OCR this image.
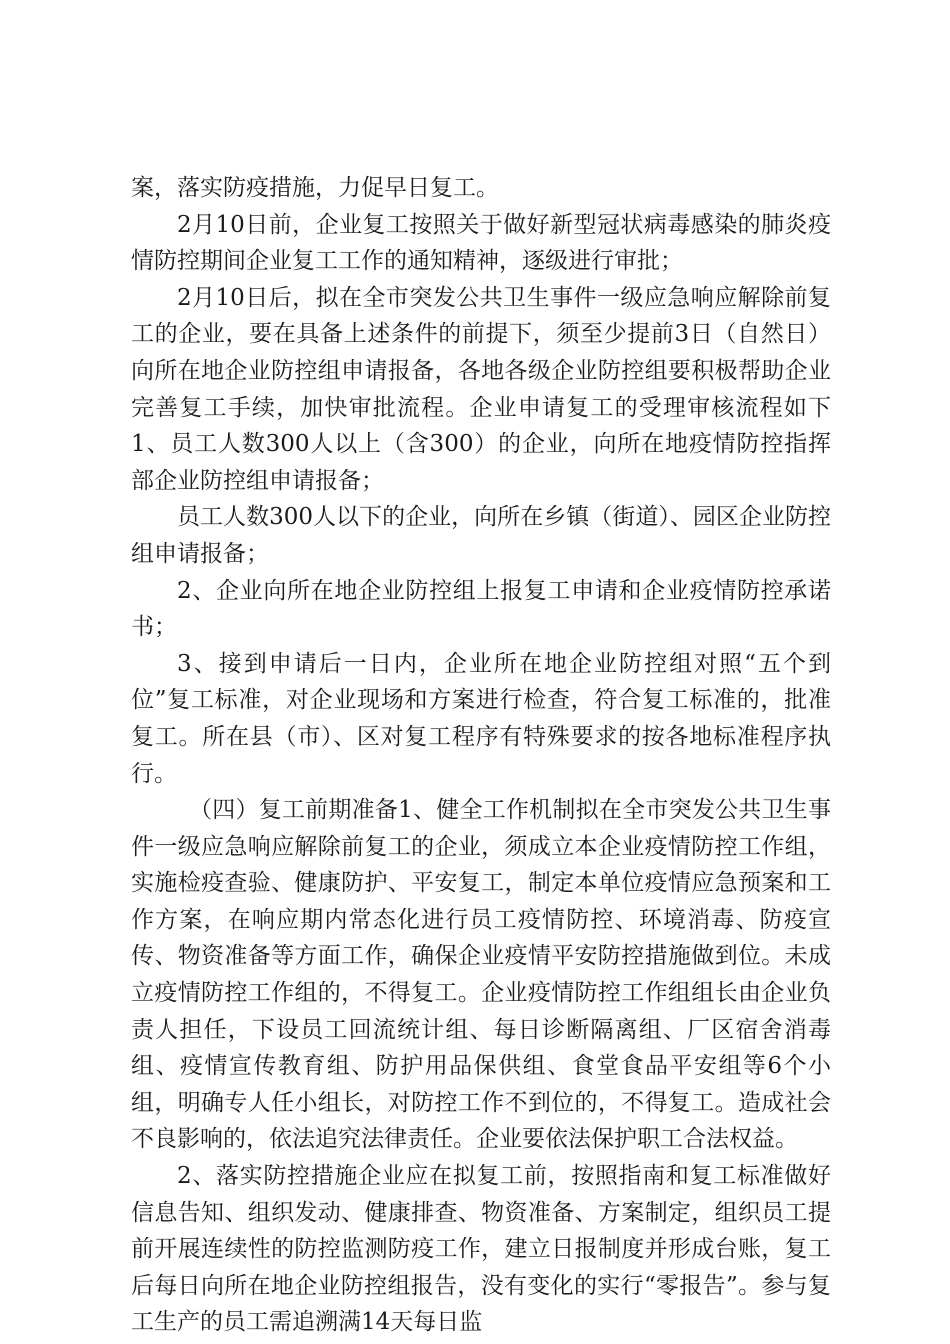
案，落实防疫措施，力促早日复工。

2月10日前，企业复工按照关于做好新型冠状病毒感染的肺炎疫情防控期间企业复工工作的通知精神，逐级进行审批；

2月10日后，拟在全市突发公共卫生事件一级应急响应解除前复工的企业，要在具备上述条件的前提下，须至少提前3日（自然日）向所在地企业防控组申请报备，各地各级企业防控组要积极帮助企业完善复工手续，加快审批流程。企业申请复工的受理审核流程如下1、员工人数300人以上（含300）的企业，向所在地疫情防控指挥部企业防控组申请报备；

员工人数300人以下的企业，向所在乡镇（街道）、园区企业防控组申请报备；

2、企业向所在地企业防控组上报复工申请和企业疫情防控承诺书；

3、接到申请后一日内，企业所在地企业防控组对照“五个到位”复工标准，对企业现场和方案进行检查，符合复工标准的，批准复工。所在县（市）、区对复工程序有特殊要求的按各地标准程序执行。

（四）复工前期准备1、健全工作机制拟在全市突发公共卫生事件一级应急响应解除前复工的企业，须成立本企业疫情防控工作组，实施检疫查验、健康防护、平安复工，制定本单位疫情应急预案和工作方案，在响应期内常态化进行员工疫情防控、环境消毒、防疫宣传、物资准备等方面工作，确保企业疫情平安防控措施做到位。未成立疫情防控工作组的，不得复工。企业疫情防控工作组组长由企业负责人担任，下设员工回流统计组、每日诊断隔离组、厂区宿舍消毒组、疫情宣传教育组、防护用品保供组、食堂食品平安组等6个小组，明确专人任小组长，对防控工作不到位的，不得复工。造成社会不良影响的，依法追究法律责任。企业要依法保护职工合法权益。

2、落实防控措施企业应在拟复工前，按照指南和复工标准做好信息告知、组织发动、健康排查、物资准备、方案制定，组织员工提前开展连续性的防控监测防疫工作，建立日报制度并形成台账，复工后每日向所在地企业防控组报告，没有变化的实行“零报告”。参与复工生产的员工需追溯满14天每日监
